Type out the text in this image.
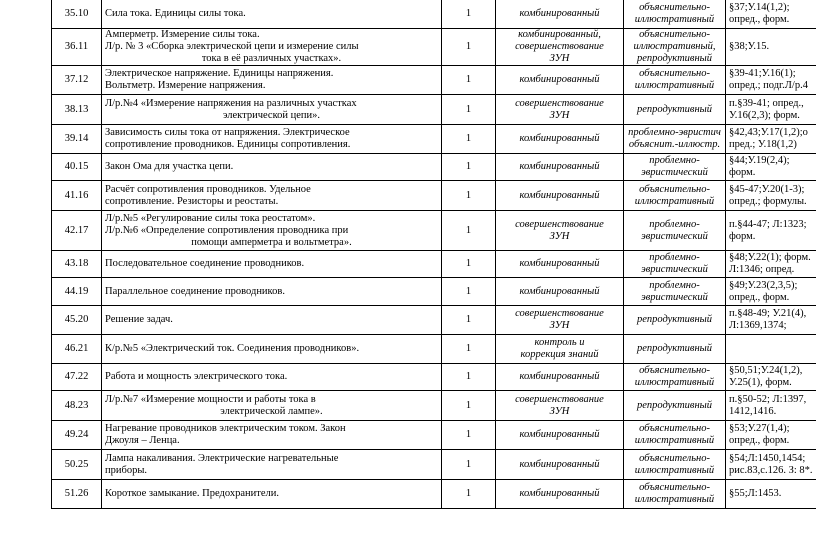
35.10	Сила тока. Единицы силы тока.	1	комбинированный	объяснительно-
иллюстративный	§37;У.14(1,2);
опред., форм.

36.11	Амперметр. Измерение силы тока.
Л/р. № 3 «Сборка электрической цепи и измерение силы
тока в её различных участках».	1	комбинированный,
совершенствование
ЗУН	объяснительно-
иллюстративный,
репродуктивный	§38;У.15.

37.12	Электрическое напряжение. Единицы напряжения.
Вольтметр. Измерение напряжения.	1	комбинированный	объяснительно-
иллюстративный	§39-41;У.16(1);
опред.; подг.Л/р.4

38.13	Л/р.№4 «Измерение напряжения на различных участках
электрической цепи».	1	совершенствование
ЗУН	репродуктивный	п.§39-41; опред.,
У.16(2,3); форм.

39.14	Зависимость силы тока от напряжения. Электрическое
сопротивление проводников. Единицы сопротивления.	1	комбинированный	проблемно-эвристич
объяснит.-иллюстр.	§42,43;У.17(1,2);о
пред.; У.18(1,2)

40.15	Закон Ома для участка цепи.	1	комбинированный	проблемно-
эвристический	§44;У.19(2,4);
форм.

41.16	Расчёт сопротивления проводников. Удельное
сопротивление. Резисторы и реостаты.	1	комбинированный	объяснительно-
иллюстративный	§45-47;У.20(1-3);
опред.; формулы.

42.17	Л/р.№5 «Регулирование силы тока реостатом».
Л/р.№6 «Определение сопротивления проводника при
помощи амперметра и вольтметра».	1	совершенствование
ЗУН	проблемно-
эвристический	п.§44-47; Л:1323;
форм.

43.18	Последовательное соединение проводников.	1	комбинированный	проблемно-
эвристический	§48;У.22(1); форм.
Л:1346; опред.

44.19	Параллельное соединение проводников.	1	комбинированный	проблемно-
эвристический	§49;У.23(2,3,5);
опред., форм.

45.20	Решение задач.	1	совершенствование
ЗУН	репродуктивный	п.§48-49; У.21(4),
Л:1369,1374;

46.21	К/р.№5 «Электрический ток. Соединения проводников».	1	контроль и
коррекция знаний	репродуктивный	

47.22	Работа и мощность электрического тока.	1	комбинированный	объяснительно-
иллюстративный	§50,51;У.24(1,2),
У.25(1), форм.

48.23	Л/р.№7 «Измерение мощности и работы тока в
электрической лампе».	1	совершенствование
ЗУН	репродуктивный	п.§50-52; Л:1397,
1412,1416.

49.24	Нагревание проводников электрическим током. Закон
Джоуля – Ленца.	1	комбинированный	объяснительно-
иллюстративный	§53;У.27(1,4);
опред., форм.

50.25	Лампа накаливания. Электрические нагревательные
приборы.	1	комбинированный	объяснительно-
иллюстративный	§54;Л:1450,1454;
рис.83,с.126. З: 8*.

51.26	Короткое замыкание. Предохранители.	1	комбинированный	объяснительно-
иллюстративный	§55;Л:1453.
